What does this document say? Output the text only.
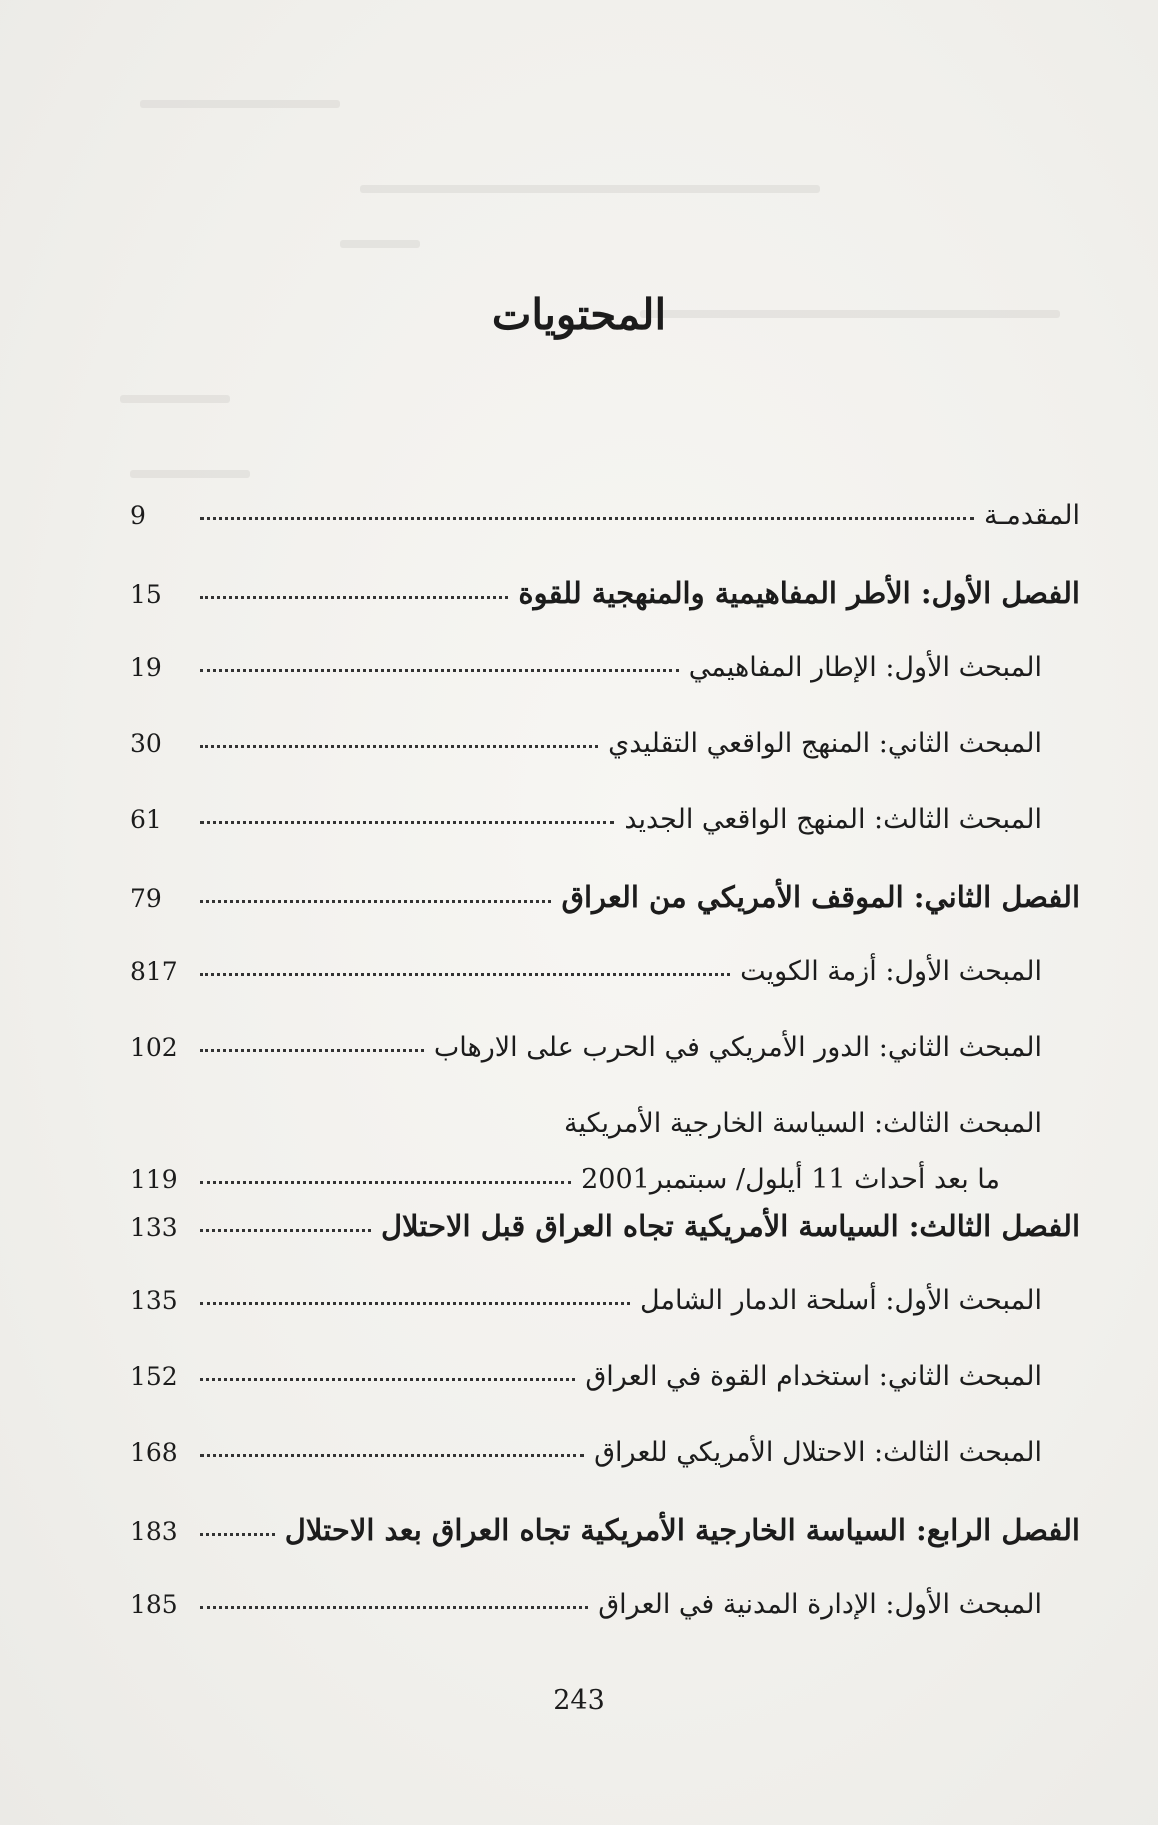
المحتويات
المقدمـة
9
الفصل الأول: الأطر المفاهيمية والمنهجية للقوة
15
المبحث الأول: الإطار المفاهيمي
19
المبحث الثاني: المنهج الواقعي التقليدي
30
المبحث الثالث: المنهج الواقعي الجديد
61
الفصل الثاني: الموقف الأمريكي من العراق
79
المبحث الأول: أزمة الكويت
817
المبحث الثاني: الدور الأمريكي في الحرب على الارهاب
102
المبحث الثالث: السياسة الخارجية الأمريكية
ما بعد أحداث 11 أيلول/ سبتمبر2001
119
الفصل الثالث: السياسة الأمريكية تجاه العراق قبل الاحتلال
133
المبحث الأول: أسلحة الدمار الشامل
135
المبحث الثاني: استخدام القوة في العراق
152
المبحث الثالث: الاحتلال الأمريكي للعراق
168
الفصل الرابع: السياسة الخارجية الأمريكية تجاه العراق بعد الاحتلال
183
المبحث الأول: الإدارة المدنية في العراق
185
243
